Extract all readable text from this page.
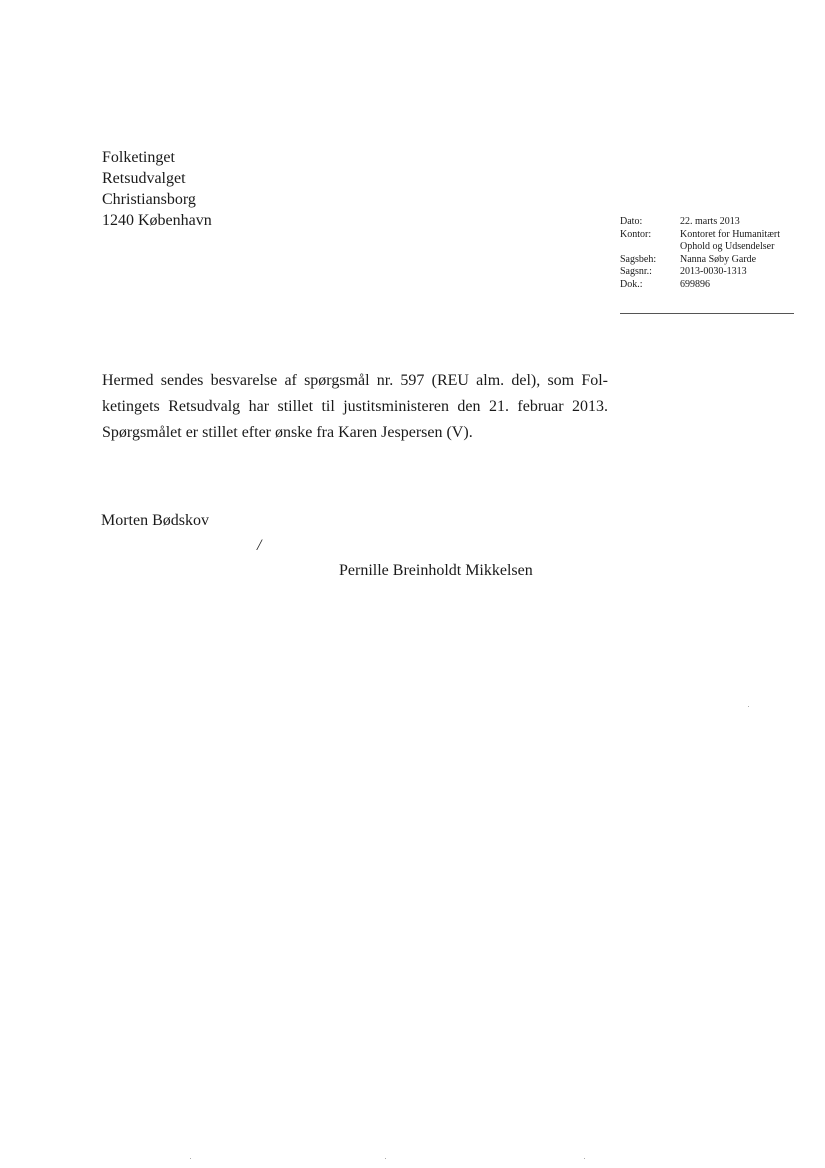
Folketinget
Retsudvalget
Christiansborg
1240 København	Dato:	22. marts 2013
Kontor:	Kontoret for Humanitært
Ophold og Udsendelser
Sagsbeh:	Nanna Søby Garde
Sagsnr.:	2013-0030-1313
Dok.:	699896

Hermed sendes besvarelse af spørgsmål nr. 597 (REU alm. del), som Fol-
ketingets Retsudvalg har stillet til justitsministeren den 21. februar 2013.
Spørgsmålet er stillet efter ønske fra Karen Jespersen (V).

Morten Bødskov
/
Pernille Breinholdt Mikkelsen
